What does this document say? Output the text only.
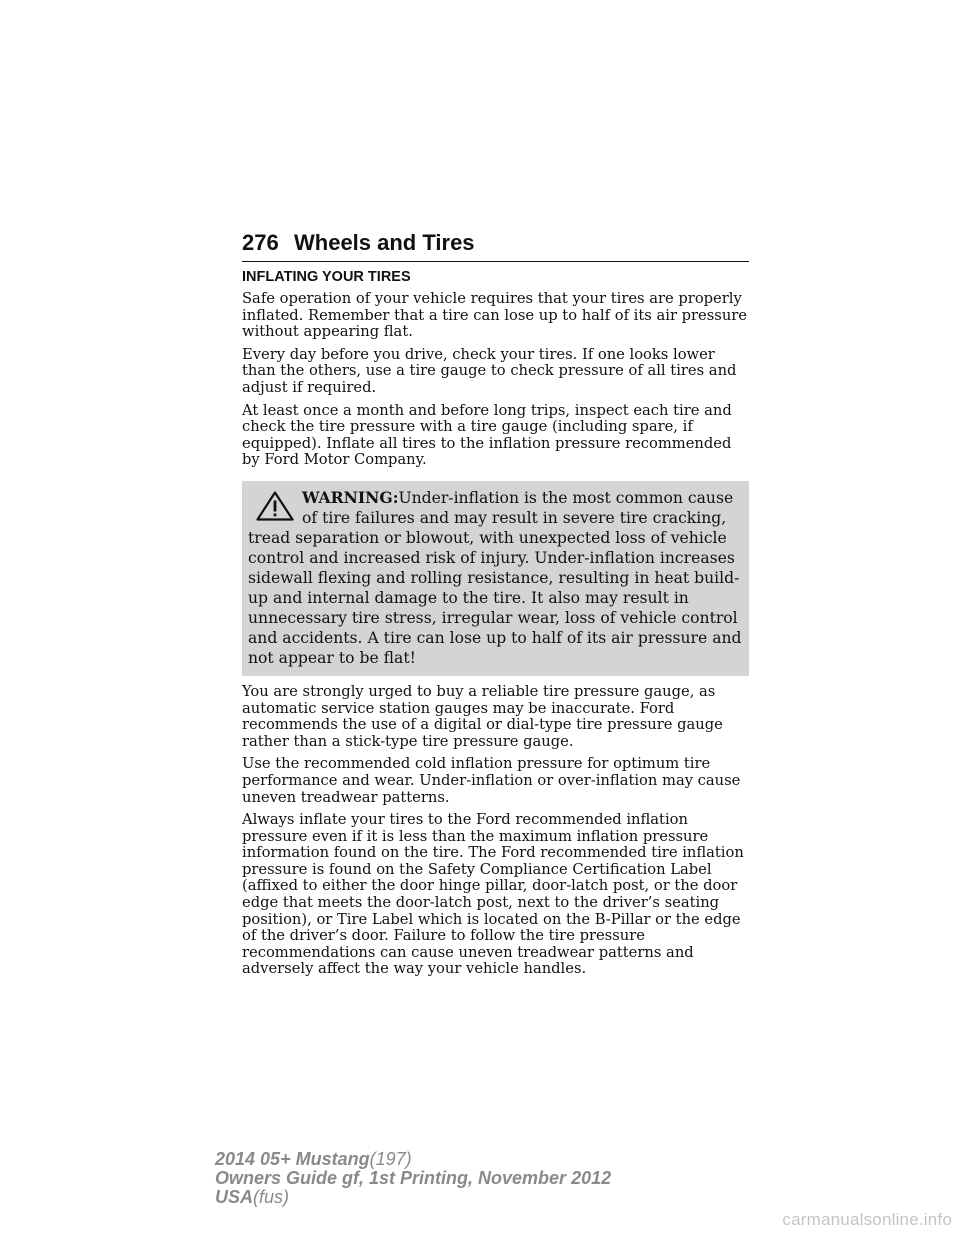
276 Wheels and Tires
INFLATING YOUR TIRES

Safe operation of your vehicle requires that your tires are properly inflated. Remember that a tire can lose up to half of its air pressure without appearing flat.

Every day before you drive, check your tires. If one looks lower than the others, use a tire gauge to check pressure of all tires and adjust if required.

At least once a month and before long trips, inspect each tire and check the tire pressure with a tire gauge (including spare, if equipped). Inflate all tires to the inflation pressure recommended by Ford Motor Company.

WARNING:Under-inflation is the most common cause of tire failures and may result in severe tire cracking, tread separation or blowout, with unexpected loss of vehicle control and increased risk of injury. Under-inflation increases sidewall flexing and rolling resistance, resulting in heat build-up and internal damage to the tire. It also may result in unnecessary tire stress, irregular wear, loss of vehicle control and accidents. A tire can lose up to half of its air pressure and not appear to be flat!

You are strongly urged to buy a reliable tire pressure gauge, as automatic service station gauges may be inaccurate. Ford recommends the use of a digital or dial-type tire pressure gauge rather than a stick-type tire pressure gauge.

Use the recommended cold inflation pressure for optimum tire performance and wear. Under-inflation or over-inflation may cause uneven treadwear patterns.

Always inflate your tires to the Ford recommended inflation pressure even if it is less than the maximum inflation pressure information found on the tire. The Ford recommended tire inflation pressure is found on the Safety Compliance Certification Label (affixed to either the door hinge pillar, door-latch post, or the door edge that meets the door-latch post, next to the driver’s seating position), or Tire Label which is located on the B-Pillar or the edge of the driver’s door. Failure to follow the tire pressure recommendations can cause uneven treadwear patterns and adversely affect the way your vehicle handles.

2014 05+ Mustang(197)
Owners Guide gf, 1st Printing, November 2012
USA(fus)
carmanualsonline.info
